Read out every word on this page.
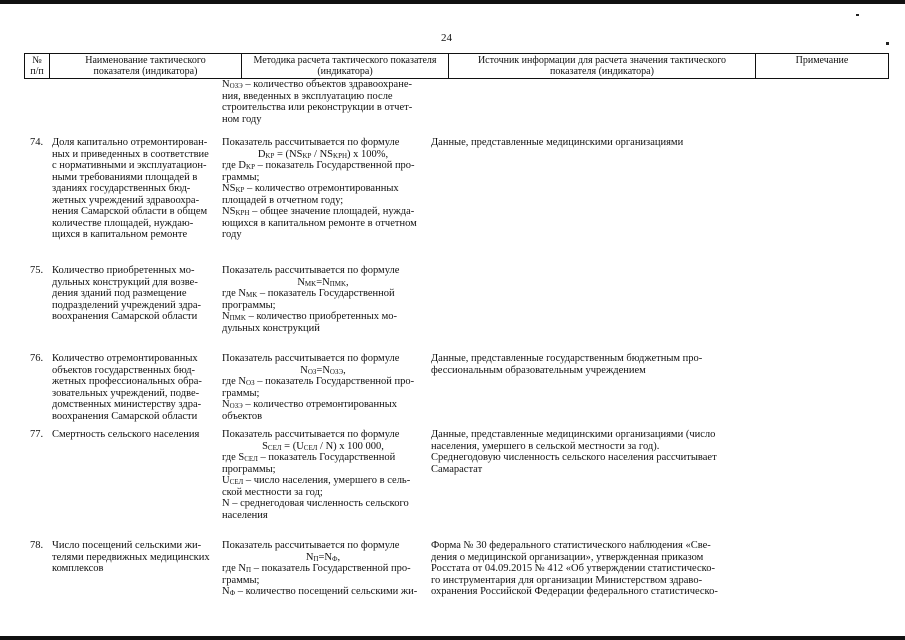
24
№
п/п
Наименование тактического
показателя (индикатора)
Методика расчета тактического показателя
(индикатора)
Источник информации для расчета значения тактического
показателя (индикатора)
Примечание
$N_{ОЗЭ}$ – количество объектов здравоохране-
ния, введенных в эксплуатацию после
строительства или реконструкции в отчет-
ном году
74. Доля капитально отремонтирован-
ных и приведенных в соответствие
с нормативными и эксплуатацион-
ными требованиями площадей в
зданиях государственных бюд-
жетных учреждений здравоохра-
нения Самарской области в общем
количестве площадей, нуждаю-
щихся в капитальном ремонте
Показатель рассчитывается по формуле
$D_{KP} = (NS_{KP} / NS_{KPH})$ x 100%,
где $D_{KP}$ – показатель Государственной про-
граммы;
$NS_{KP}$ – количество отремонтированных
площадей в отчетном году;
$NS_{KPH}$ – общее значение площадей, нужда-
ющихся в капитальном ремонте в отчетном
году
Данные, представленные медицинскими организациями
75. Количество приобретенных мо-
дульных конструкций для возве-
дения зданий под размещение
подразделений учреждений здра-
воохранения Самарской области
Показатель рассчитывается по формуле
$N_{MK}=N_{ПMK}$,
где $N_{MK}$ – показатель Государственной
программы;
$N_{ПMK}$ – количество приобретенных мо-
дульных конструкций
76. Количество отремонтированных
объектов государственных бюд-
жетных профессиональных обра-
зовательных учреждений, подве-
домственных министерству здра-
воохранения Самарской области
Показатель рассчитывается по формуле
$N_{ОЗ}=N_{ОЗЭ}$,
где $N_{ОЗ}$ – показатель Государственной про-
граммы;
$N_{ОЗЭ}$ – количество отремонтированных
объектов
Данные, представленные государственным бюджетным про-
фессиональным образовательным учреждением
77. Смертность сельского населения	Показатель рассчитывается по формуле
$S_{СЕЛ} = (U_{СЕЛ} / N)$ x 100 000,
где $S_{СЕЛ}$ – показатель Государственной
программы;
$U_{СЕЛ}$ – число населения, умершего в сель-
ской местности за год;
N – среднегодовая численность сельского
населения
Данные, представленные медицинскими организациями (число
населения, умершего в сельской местности за год).
Среднегодовую численность сельского населения рассчитывает
Самарастат
78. Число посещений сельскими жи-
телями передвижных медицинских
комплексов
Показатель рассчитывается по формуле
$N_П=N_Ф$,
где $N_П$ – показатель Государственной про-
граммы;
$N_Ф$ – количество посещений сельскими жи-
Форма № 30 федерального статистического наблюдения «Све-
дения о медицинской организации», утвержденная приказом
Росстата от 04.09.2015 № 412 «Об утверждении статистическо-
го инструментария для организации Министерством здраво-
охранения Российской Федерации федерального статистическо-
